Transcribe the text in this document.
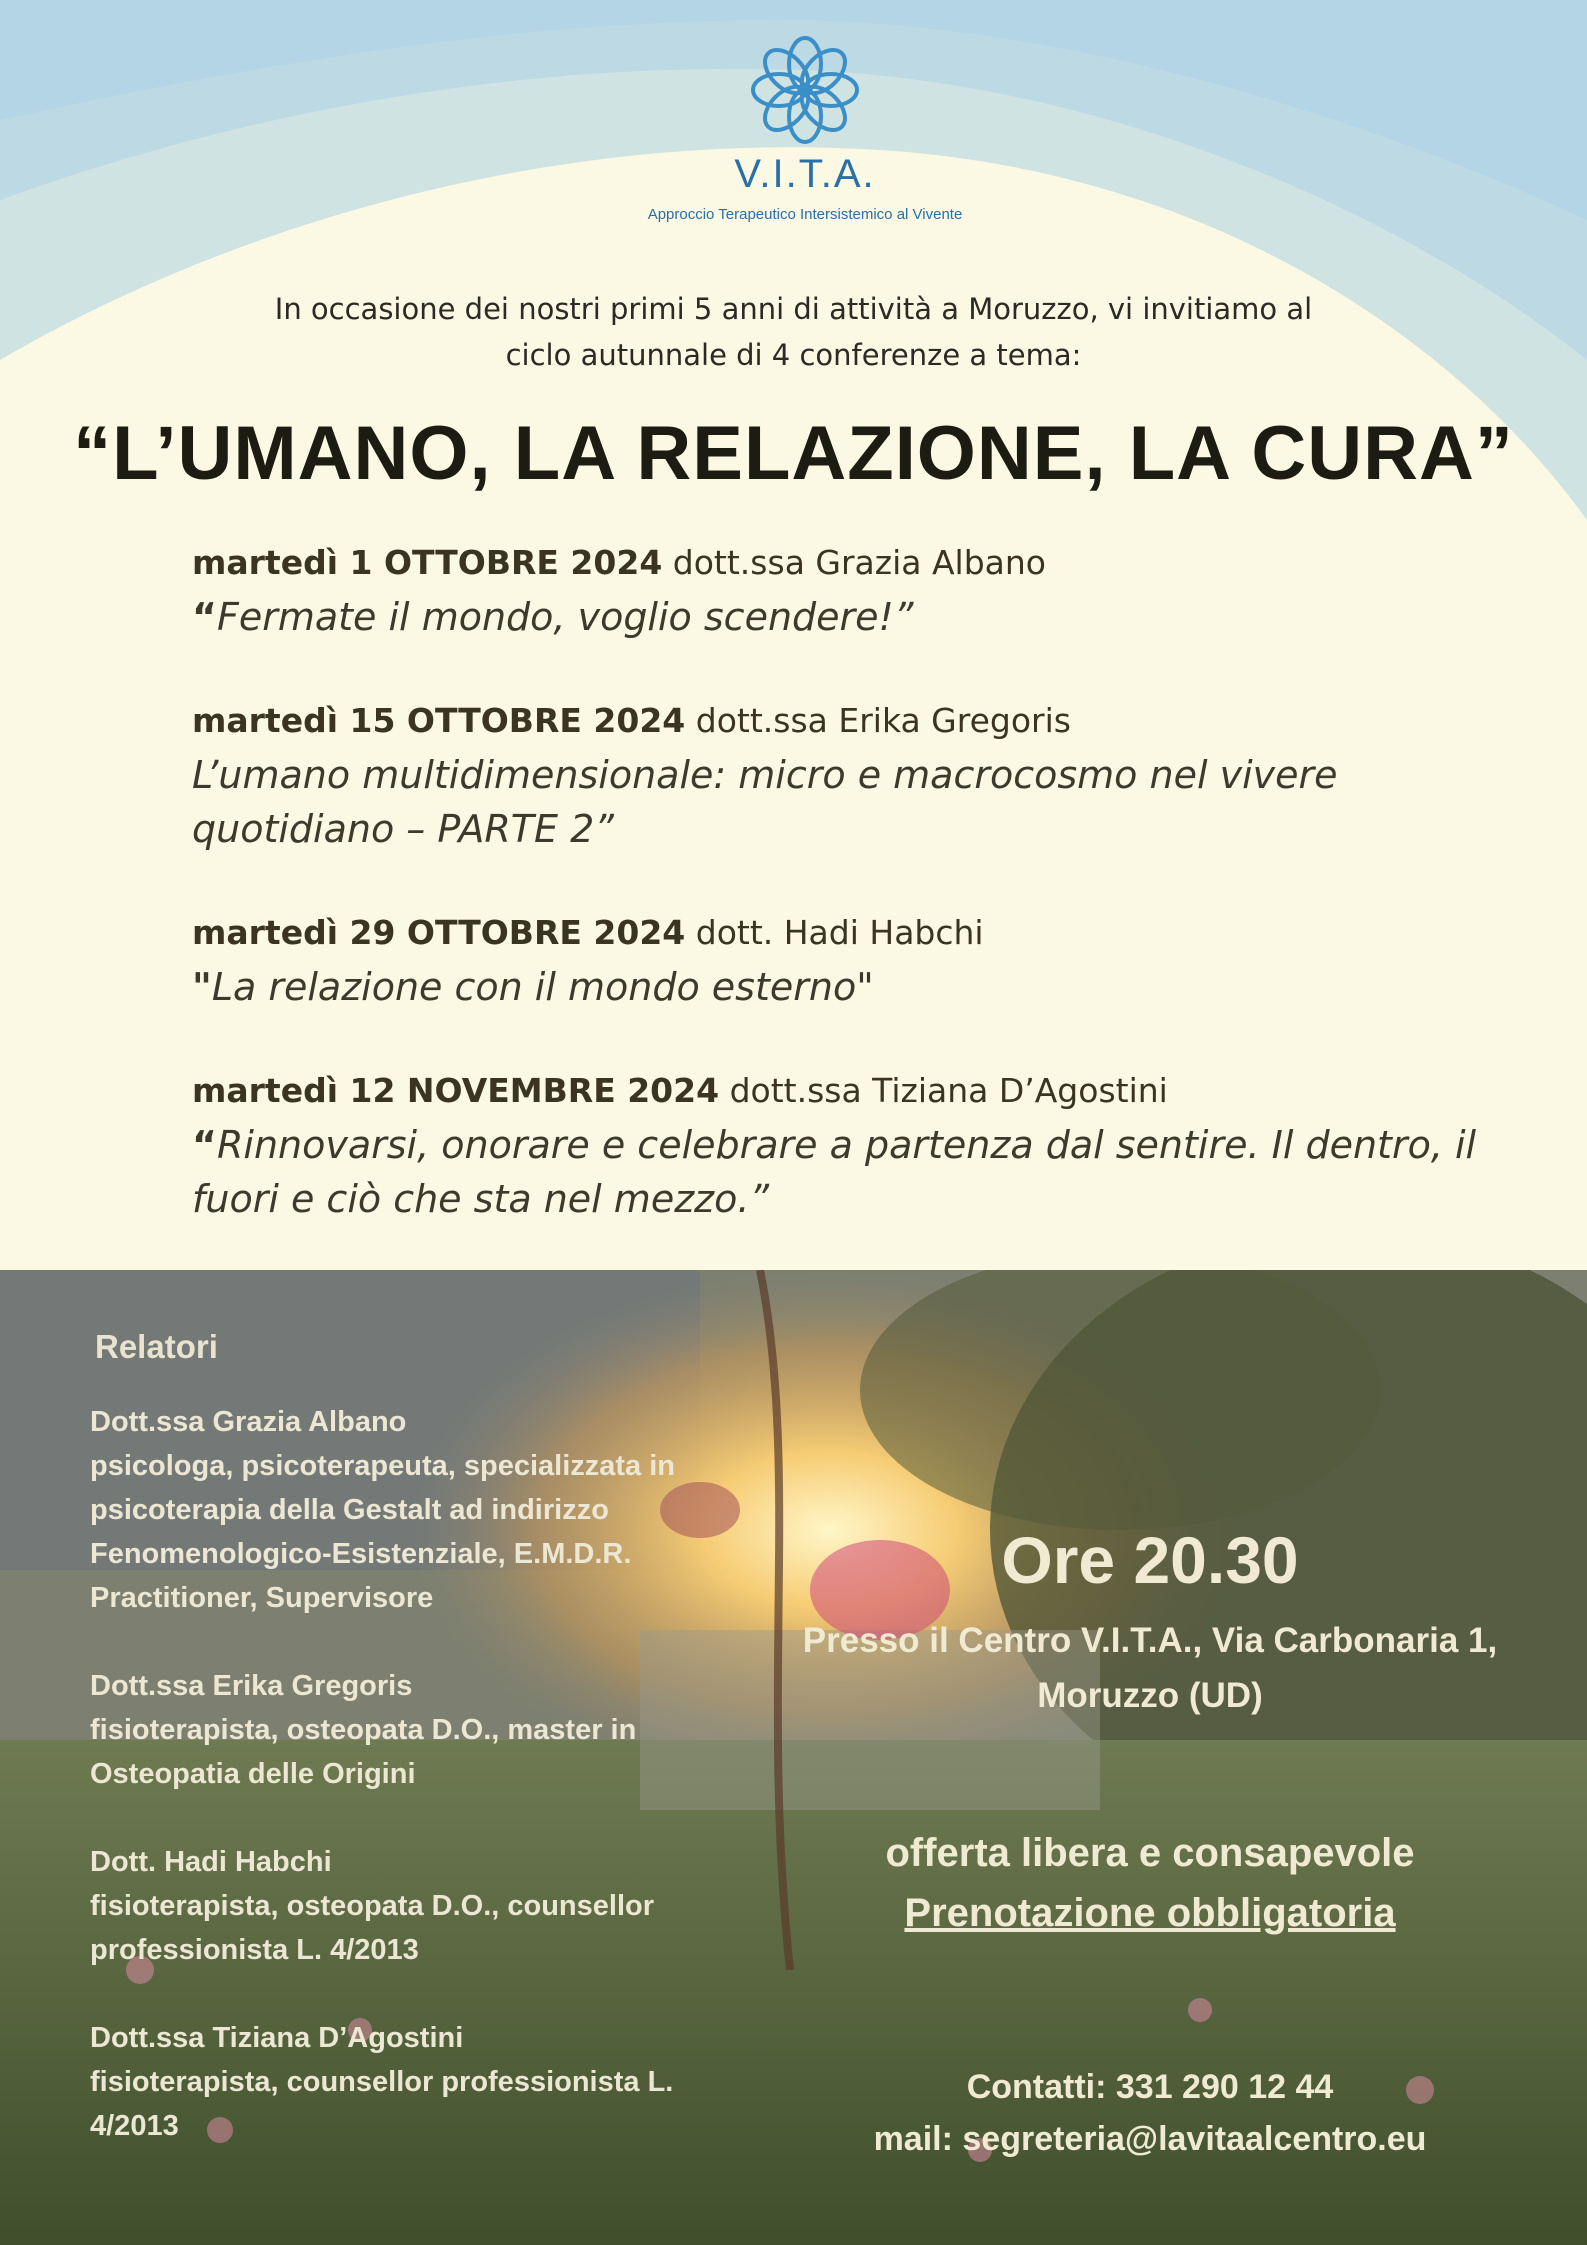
V.I.T.A.
Approccio Terapeutico Intersistemico al Vivente
In occasione dei nostri primi 5 anni di attività a Moruzzo, vi invitiamo al
ciclo autunnale di 4 conferenze a tema:
“L’UMANO, LA RELAZIONE, LA CURA”
martedì 1 OTTOBRE 2024 dott.ssa Grazia Albano
“Fermate il mondo, voglio scendere!”
martedì 15 OTTOBRE 2024 dott.ssa Erika Gregoris
L’umano multidimensionale: micro e macrocosmo nel vivere quotidiano – PARTE 2”
martedì 29 OTTOBRE 2024 dott. Hadi Habchi
"La relazione con il mondo esterno"
martedì 12 NOVEMBRE 2024 dott.ssa Tiziana D’Agostini
“Rinnovarsi, onorare e celebrare a partenza dal sentire. Il dentro, il fuori e ciò che sta nel mezzo.”
Relatori
Dott.ssa Grazia Albano
psicologa, psicoterapeuta, specializzata in psicoterapia della Gestalt ad indirizzo Fenomenologico-Esistenziale, E.M.D.R. Practitioner, Supervisore
Dott.ssa Erika Gregoris
fisioterapista, osteopata D.O., master in Osteopatia delle Origini
Dott. Hadi Habchi
fisioterapista, osteopata D.O., counsellor professionista L. 4/2013
Dott.ssa Tiziana D’Agostini
fisioterapista, counsellor professionista L. 4/2013
Ore 20.30
Presso il Centro V.I.T.A., Via Carbonaria 1, Moruzzo (UD)
offerta libera e consapevole
Prenotazione obbligatoria
Contatti: 331 290 12 44
mail: segreteria@lavitaalcentro.eu
